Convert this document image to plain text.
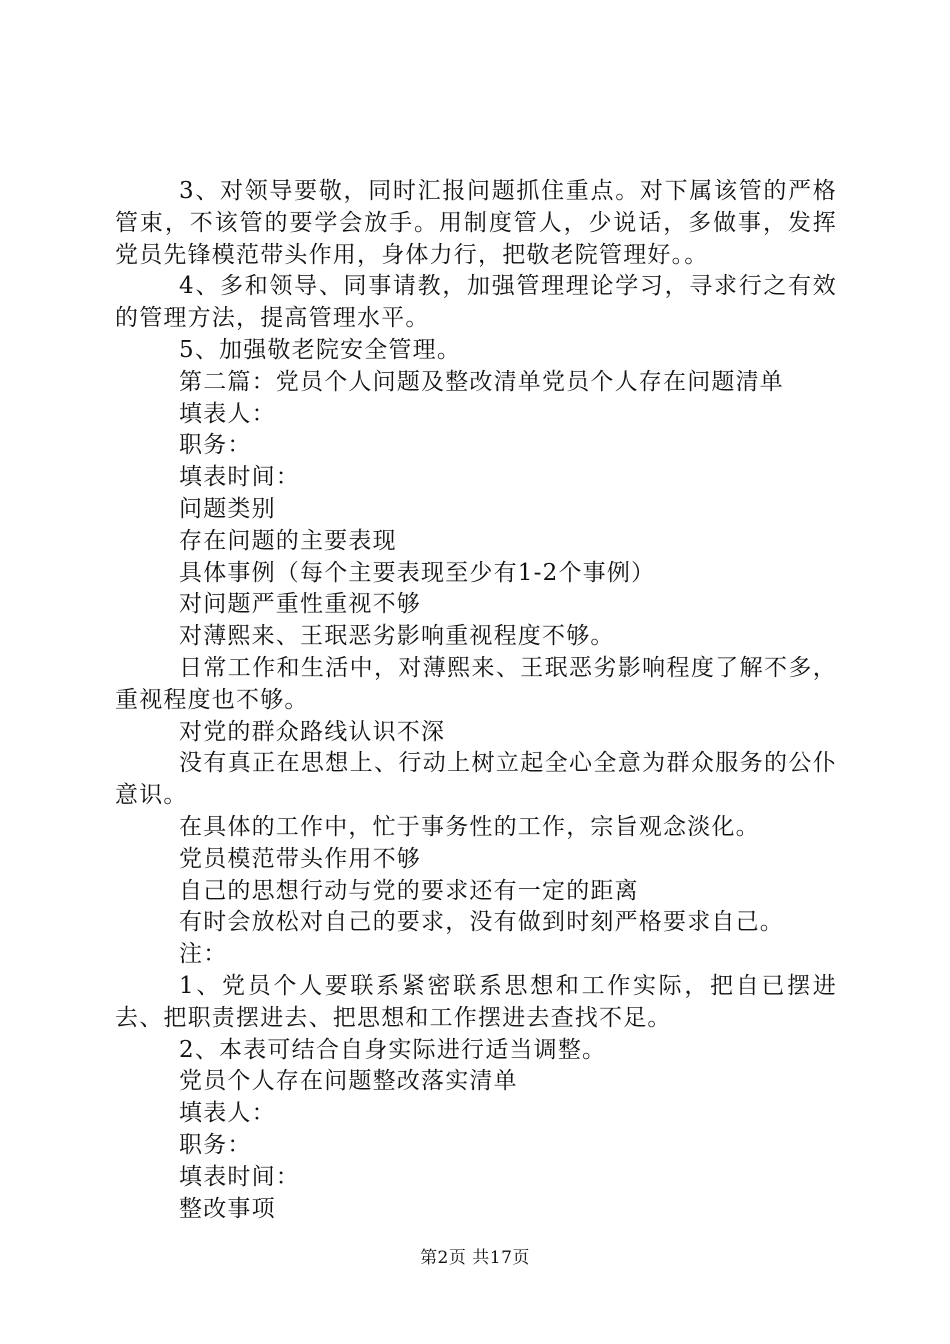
3、对领导要敬，同时汇报问题抓住重点。对下属该管的严格管束，不该管的要学会放手。用制度管人，少说话，多做事，发挥党员先锋模范带头作用，身体力行，把敬老院管理好。。

4、多和领导、同事请教，加强管理理论学习，寻求行之有效的管理方法，提高管理水平。

5、加强敬老院安全管理。

第二篇：党员个人问题及整改清单党员个人存在问题清单

填表人：

职务：

填表时间：

问题类别

存在问题的主要表现

具体事例（每个主要表现至少有1-2个事例）

对问题严重性重视不够

对薄熙来、王珉恶劣影响重视程度不够。

日常工作和生活中，对薄熙来、王珉恶劣影响程度了解不多，重视程度也不够。

对党的群众路线认识不深

没有真正在思想上、行动上树立起全心全意为群众服务的公仆意识。

在具体的工作中，忙于事务性的工作，宗旨观念淡化。

党员模范带头作用不够

自己的思想行动与党的要求还有一定的距离

有时会放松对自己的要求，没有做到时刻严格要求自己。

注：

1、党员个人要联系紧密联系思想和工作实际，把自已摆进去、把职责摆进去、把思想和工作摆进去查找不足。

2、本表可结合自身实际进行适当调整。

党员个人存在问题整改落实清单

填表人：

职务：

填表时间：

整改事项

第2页 共17页
